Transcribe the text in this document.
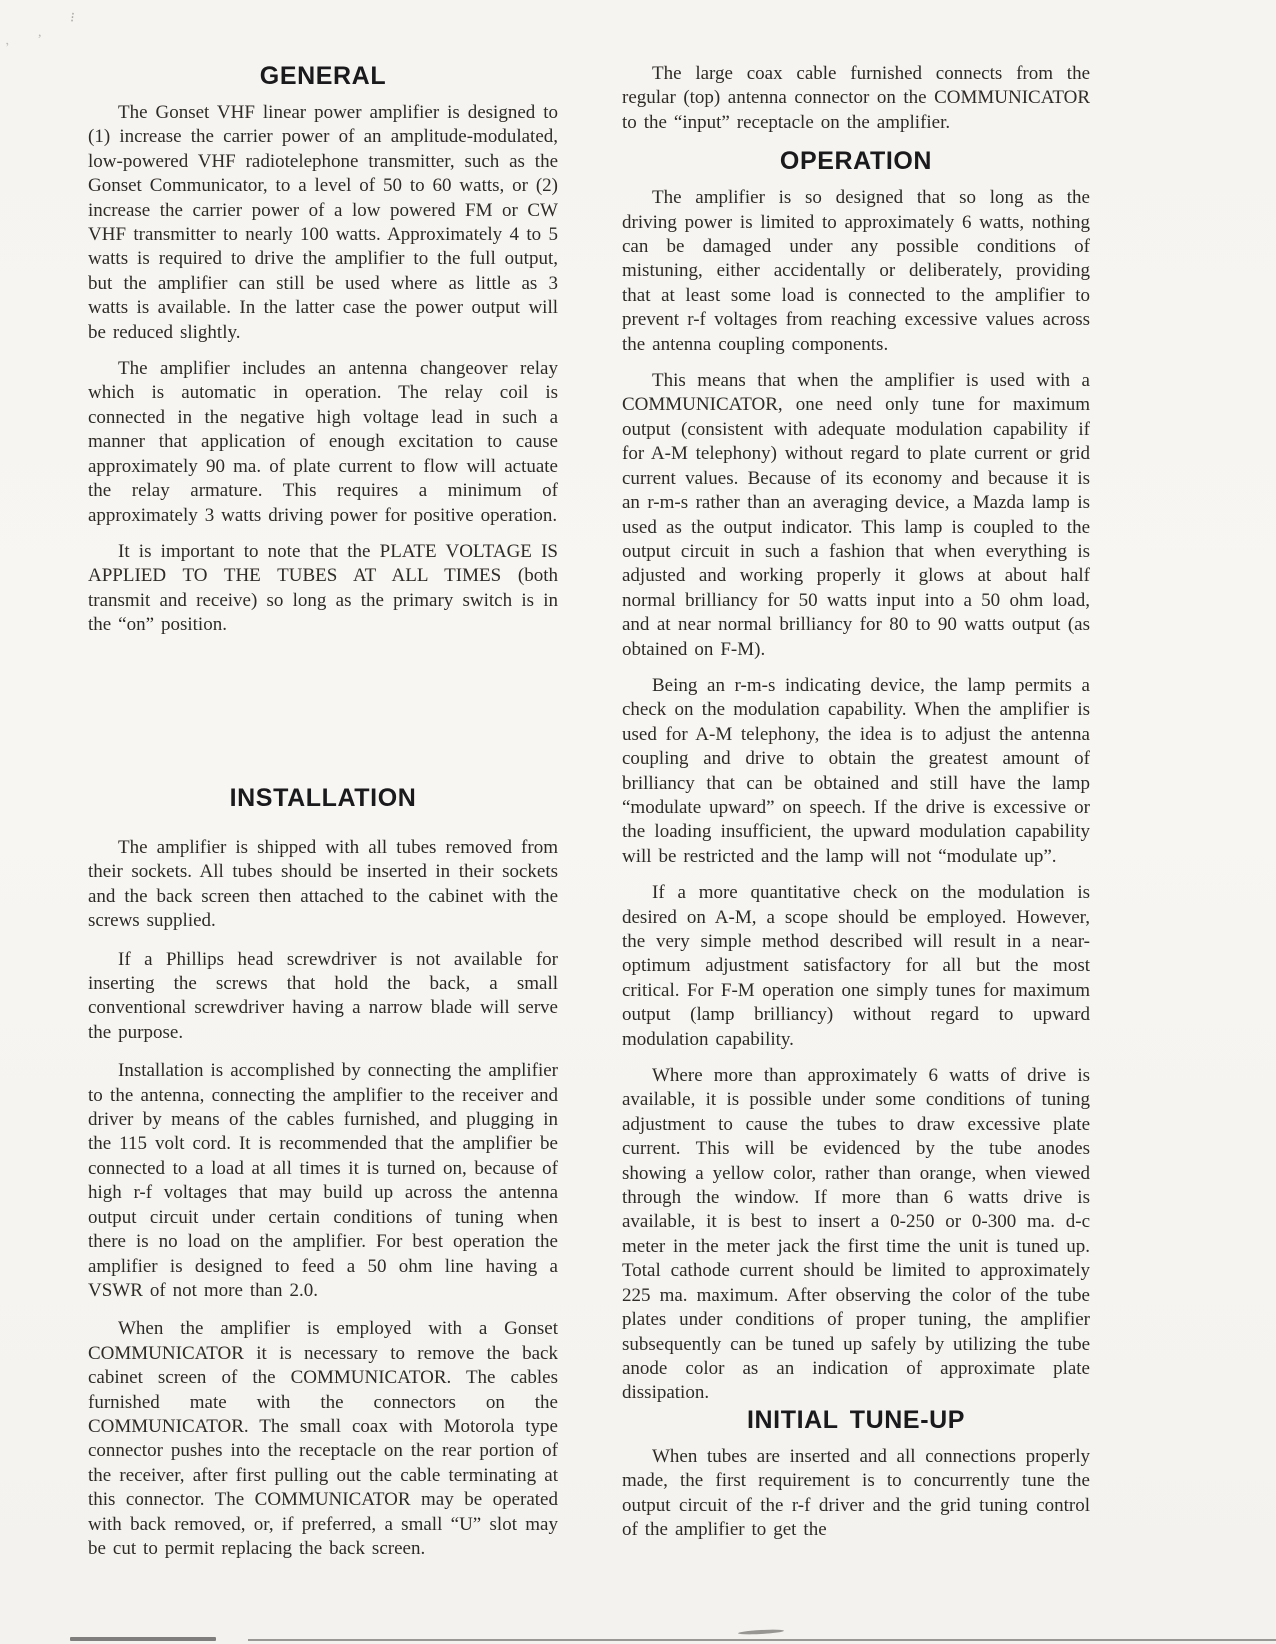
⁝
,
’
GENERAL

The Gonset VHF linear power amplifier is designed to (1) increase the carrier power of an amplitude-modulated, low-powered VHF radiotelephone transmitter, such as the Gonset Communicator, to a level of 50 to 60 watts, or (2) increase the carrier power of a low powered FM or CW VHF transmitter to nearly 100 watts. Approximately 4 to 5 watts is required to drive the amplifier to the full output, but the amplifier can still be used where as little as 3 watts is available. In the latter case the power output will be reduced slightly.

The amplifier includes an antenna changeover relay which is automatic in operation. The relay coil is connected in the negative high voltage lead in such a manner that application of enough excitation to cause approximately 90 ma. of plate current to flow will actuate the relay armature. This requires a minimum of approximately 3 watts driving power for positive operation.

It is important to note that the PLATE VOLTAGE IS APPLIED TO THE TUBES AT ALL TIMES (both transmit and receive) so long as the primary switch is in the “on” position.

INSTALLATION

The amplifier is shipped with all tubes removed from their sockets. All tubes should be inserted in their sockets and the back screen then attached to the cabinet with the screws supplied.

If a Phillips head screwdriver is not available for inserting the screws that hold the back, a small conventional screwdriver having a narrow blade will serve the purpose.

Installation is accomplished by connecting the amplifier to the antenna, connecting the amplifier to the receiver and driver by means of the cables furnished, and plugging in the 115 volt cord. It is recommended that the amplifier be connected to a load at all times it is turned on, because of high r-f voltages that may build up across the antenna output circuit under certain conditions of tuning when there is no load on the amplifier. For best operation the amplifier is designed to feed a 50 ohm line having a VSWR of not more than 2.0.

When the amplifier is employed with a Gonset COMMUNICATOR it is necessary to remove the back cabinet screen of the COMMUNICATOR. The cables furnished mate with the connectors on the COMMUNICATOR. The small coax with Motorola type connector pushes into the receptacle on the rear portion of the receiver, after first pulling out the cable terminating at this connector. The COMMUNICATOR may be operated with back removed, or, if preferred, a small “U” slot may be cut to permit replacing the back screen.

The large coax cable furnished connects from the regular (top) antenna connector on the COMMUNICATOR to the “input” receptacle on the amplifier.

OPERATION

The amplifier is so designed that so long as the driving power is limited to approximately 6 watts, nothing can be damaged under any possible conditions of mistuning, either accidentally or deliberately, providing that at least some load is connected to the amplifier to prevent r-f voltages from reaching excessive values across the antenna coupling components.

This means that when the amplifier is used with a COMMUNICATOR, one need only tune for maximum output (consistent with adequate modulation capability if for A-M telephony) without regard to plate current or grid current values. Because of its economy and because it is an r-m-s rather than an averaging device, a Mazda lamp is used as the output indicator. This lamp is coupled to the output circuit in such a fashion that when everything is adjusted and working properly it glows at about half normal brilliancy for 50 watts input into a 50 ohm load, and at near normal brilliancy for 80 to 90 watts output (as obtained on F-M).

Being an r-m-s indicating device, the lamp permits a check on the modulation capability. When the amplifier is used for A-M telephony, the idea is to adjust the antenna coupling and drive to obtain the greatest amount of brilliancy that can be obtained and still have the lamp “modulate upward” on speech. If the drive is excessive or the loading insufficient, the upward modulation capability will be restricted and the lamp will not “modulate up”.

If a more quantitative check on the modulation is desired on A-M, a scope should be employed. However, the very simple method described will result in a near-optimum adjustment satisfactory for all but the most critical. For F-M operation one simply tunes for maximum output (lamp brilliancy) without regard to upward modulation capability.

Where more than approximately 6 watts of drive is available, it is possible under some conditions of tuning adjustment to cause the tubes to draw excessive plate current. This will be evidenced by the tube anodes showing a yellow color, rather than orange, when viewed through the window. If more than 6 watts drive is available, it is best to insert a 0-250 or 0-300 ma. d-c meter in the meter jack the first time the unit is tuned up. Total cathode current should be limited to approximately 225 ma. maximum. After observing the color of the tube plates under conditions of proper tuning, the amplifier subsequently can be tuned up safely by utilizing the tube anode color as an indication of approximate plate dissipation.

INITIAL TUNE-UP

When tubes are inserted and all connections properly made, the first requirement is to concurrently tune the output circuit of the r-f driver and the grid tuning control of the amplifier to get the
